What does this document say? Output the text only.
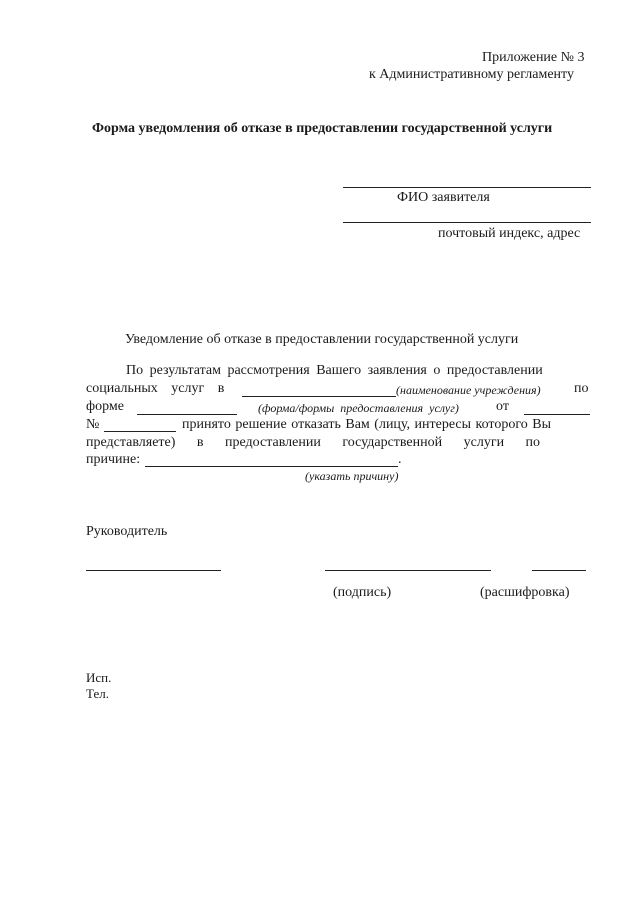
Приложение № 3
к Административному регламенту
Форма уведомления об отказе в предоставлении государственной услуги
ФИО заявителя
почтовый индекс, адрес
Уведомление об отказе в предоставлении государственной услуги
По результатам рассмотрения Вашего заявления о предоставлении
социальных услуг в	(наименование учреждения) по
форме	(форма/формы предоставления услуг)	от
№	принято решение отказать Вам (лицу, интересы которого Вы
представляете) в предоставлении государственной услуги по
причине:	.
(указать причину)
Руководитель
(подпись)	(расшифровка)
Исп.
Тел.
